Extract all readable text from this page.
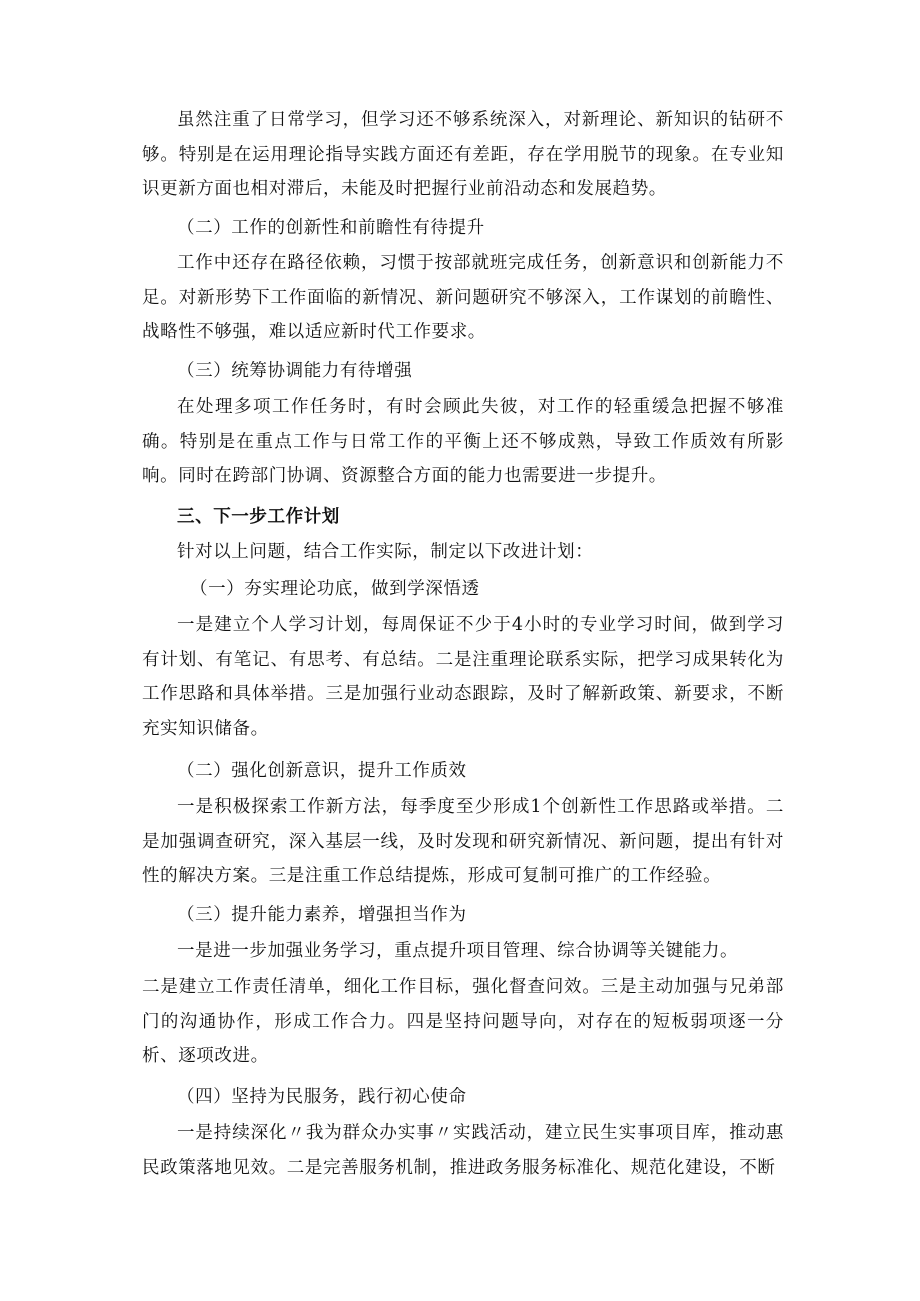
虽然注重了日常学习，但学习还不够系统深入，对新理论、新知识的钻研不够。特别是在运用理论指导实践方面还有差距，存在学用脱节的现象。在专业知识更新方面也相对滞后，未能及时把握行业前沿动态和发展趋势。

（二）工作的创新性和前瞻性有待提升

工作中还存在路径依赖，习惯于按部就班完成任务，创新意识和创新能力不足。对新形势下工作面临的新情况、新问题研究不够深入，工作谋划的前瞻性、战略性不够强，难以适应新时代工作要求。

（三）统筹协调能力有待增强

在处理多项工作任务时，有时会顾此失彼，对工作的轻重缓急把握不够准确。特别是在重点工作与日常工作的平衡上还不够成熟，导致工作质效有所影响。同时在跨部门协调、资源整合方面的能力也需要进一步提升。

三、下一步工作计划

针对以上问题，结合工作实际，制定以下改进计划：

（一）夯实理论功底，做到学深悟透

一是建立个人学习计划，每周保证不少于4小时的专业学习时间，做到学习有计划、有笔记、有思考、有总结。二是注重理论联系实际，把学习成果转化为工作思路和具体举措。三是加强行业动态跟踪，及时了解新政策、新要求，不断充实知识储备。

（二）强化创新意识，提升工作质效

一是积极探索工作新方法，每季度至少形成1个创新性工作思路或举措。二是加强调查研究，深入基层一线，及时发现和研究新情况、新问题，提出有针对性的解决方案。三是注重工作总结提炼，形成可复制可推广的工作经验。

（三）提升能力素养，增强担当作为

一是进一步加强业务学习，重点提升项目管理、综合协调等关键能力。

二是建立工作责任清单，细化工作目标，强化督查问效。三是主动加强与兄弟部门的沟通协作，形成工作合力。四是坚持问题导向，对存在的短板弱项逐一分析、逐项改进。

（四）坚持为民服务，践行初心使命

一是持续深化〃我为群众办实事〃实践活动，建立民生实事项目库，推动惠民政策落地见效。二是完善服务机制，推进政务服务标准化、规范化建设，不断
